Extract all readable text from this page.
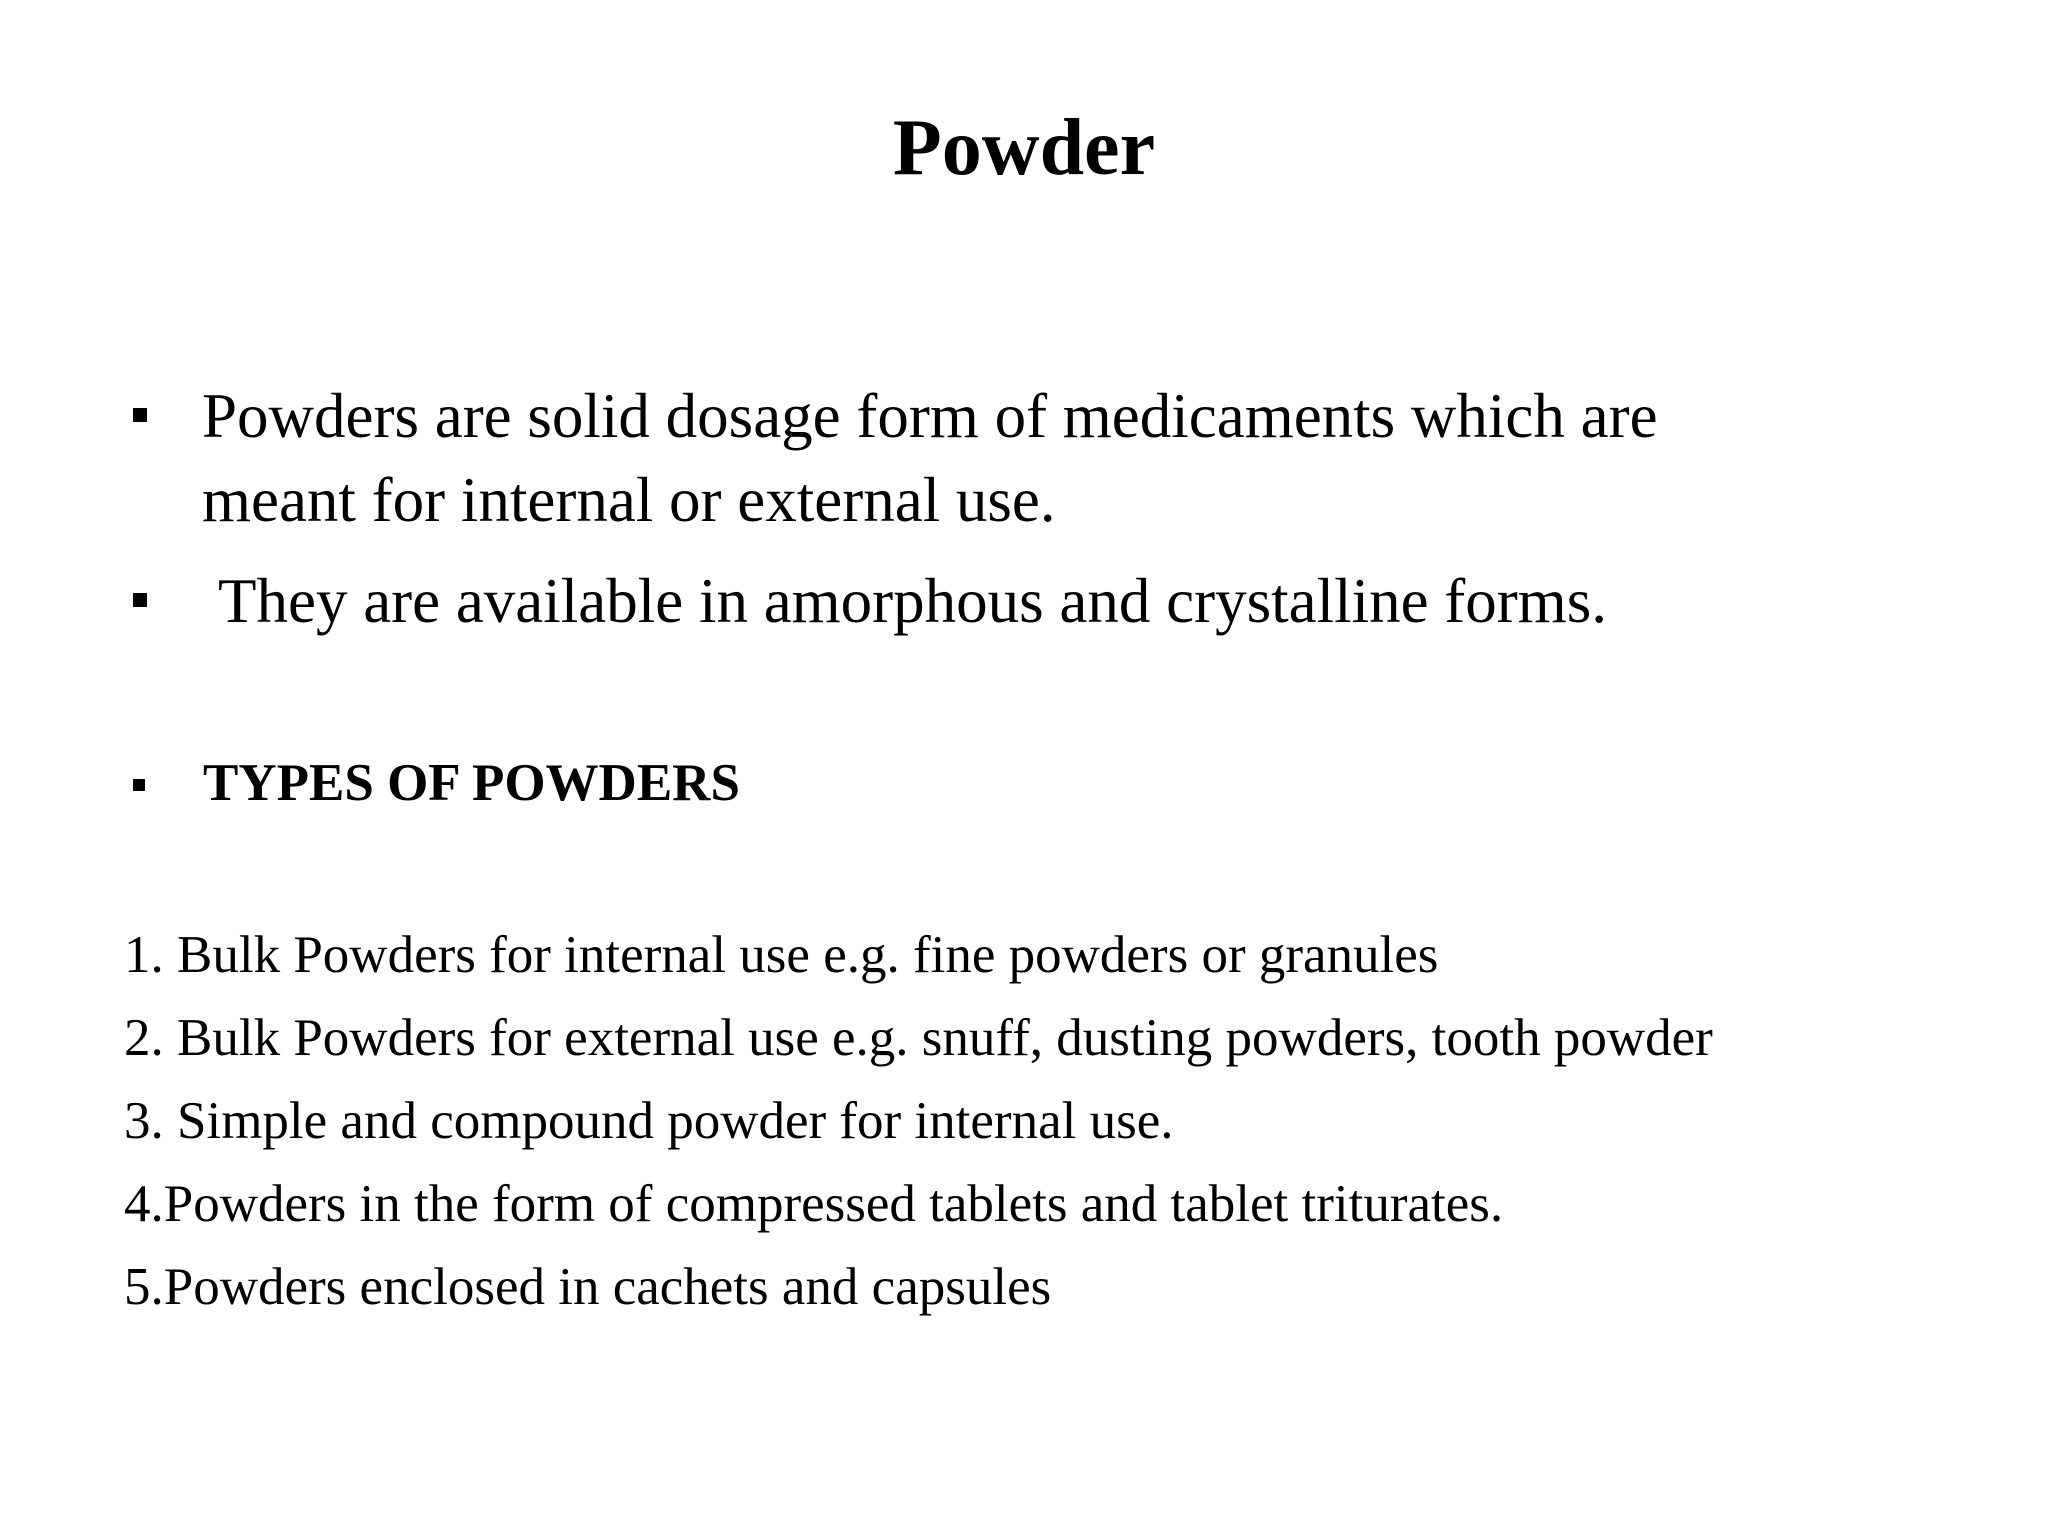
Powder
Powders are solid dosage form of medicaments which are
meant for internal or external use.
They are available in amorphous and crystalline forms.
TYPES OF POWDERS
1. Bulk Powders for internal use e.g. fine powders or granules
2. Bulk Powders for external use e.g. snuff, dusting powders, tooth powder
3. Simple and compound powder for internal use.
4.Powders in the form of compressed tablets and tablet triturates.
5.Powders enclosed in cachets and capsules
